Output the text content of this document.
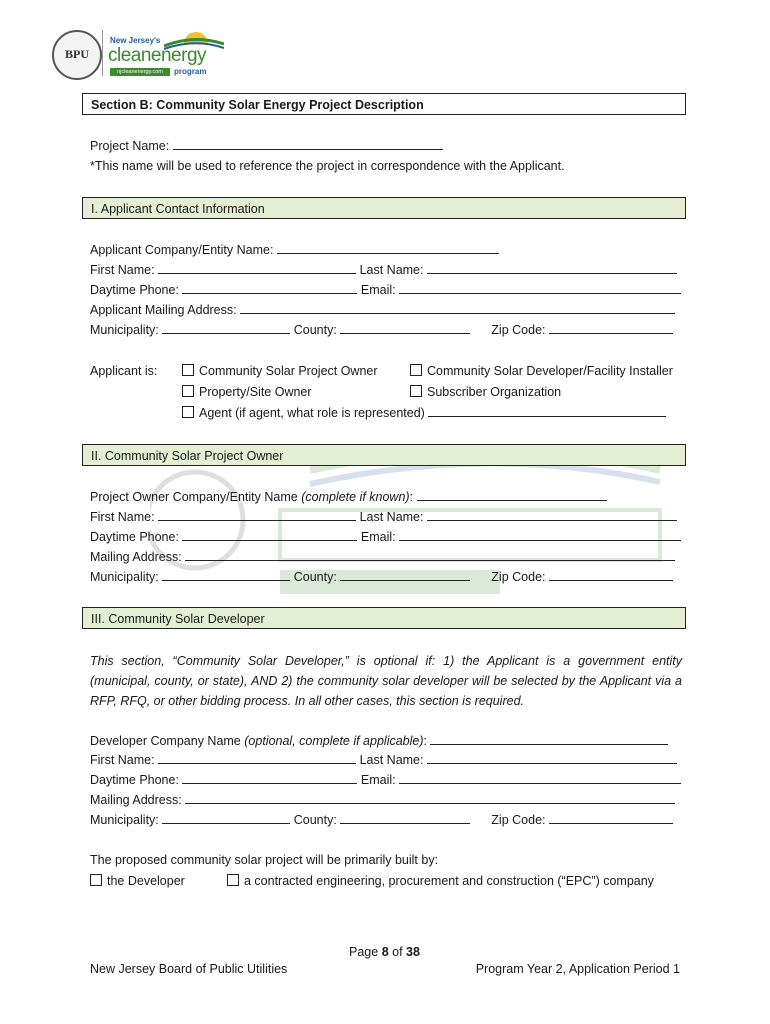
BPU
New Jersey's
cleanenergy
njcleanenergy.com	program
Section B: Community Solar Energy Project Description
Project Name:
*This name will be used to reference the project in correspondence with the Applicant.
I. Applicant Contact Information
Applicant Company/Entity Name:
First Name:	Last Name:
Daytime Phone:	Email:
Applicant Mailing Address:
Municipality:	County:	Zip Code:
Applicant is:	Community Solar Project Owner	Community Solar Developer/Facility Installer
Property/Site Owner	Subscriber Organization
Agent (if agent, what role is represented)
II. Community Solar Project Owner
Project Owner Company/Entity Name (complete if known):
First Name:	Last Name:
Daytime Phone:	Email:
Mailing Address:
Municipality:	County:	Zip Code:
III. Community Solar Developer
This section, “Community Solar Developer,” is optional if: 1) the Applicant is a government entity (municipal, county, or state), AND 2) the community solar developer will be selected by the Applicant via a RFP, RFQ, or other bidding process. In all other cases, this section is required.
Developer Company Name (optional, complete if applicable):
First Name:	Last Name:
Daytime Phone:	Email:
Mailing Address:
Municipality:	County:	Zip Code:
The proposed community solar project will be primarily built by:
the Developer	a contracted engineering, procurement and construction (“EPC”) company
Page 8 of 38
New Jersey Board of Public Utilities	Program Year 2, Application Period 1
